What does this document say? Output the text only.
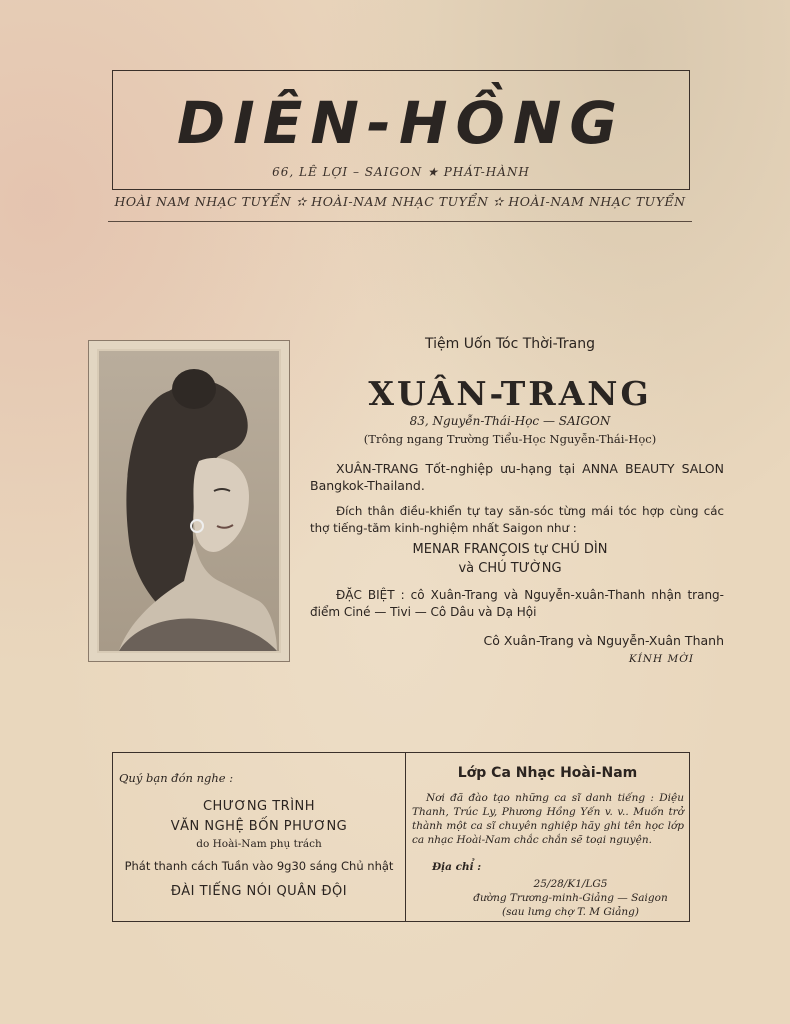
DIÊN-HỒNG
66, LÊ LỢI – SAIGON ★ PHÁT-HÀNH
HOÀI NAM NHẠC TUYỂN ✫ HOÀI-NAM NHẠC TUYỂN ✫ HOÀI-NAM NHẠC TUYỂN
Tiệm Uốn Tóc Thời-Trang
XUÂN-TRANG
83, Nguyễn-Thái-Học — SAIGON
(Trông ngang Trường Tiểu-Học Nguyễn-Thái-Học)
XUÂN-TRANG Tốt-nghiệp ưu-hạng tại ANNA BEAUTY SALON Bangkok-Thailand.
Đích thân điều-khiển tự tay săn-sóc từng mái tóc hợp cùng các thợ tiếng-tăm kinh-nghiệm nhất Saigon như :
MENAR FRANÇOIS tự CHÚ DÌN
và CHÚ TƯỜNG
ĐẶC BIỆT : cô Xuân-Trang và Nguyễn-xuân-Thanh nhận trang-điểm Ciné — Tivi — Cô Dâu và Dạ Hội
Cô Xuân-Trang và Nguyễn-Xuân Thanh
KÍNH MỜI
Quý bạn đón nghe :
CHƯƠNG TRÌNH
VĂN NGHỆ BỐN PHƯƠNG
do Hoài-Nam phụ trách
Phát thanh cách Tuần vào 9g30 sáng Chủ nhật
ĐÀI TIẾNG NÓI QUÂN ĐỘI
Lớp Ca Nhạc Hoài-Nam
Nơi đã đào tạo những ca sĩ danh tiếng : Diệu Thanh, Trúc Ly, Phương Hồng Yến v. v.. Muốn trở thành một ca sĩ chuyên nghiệp hãy ghi tên học lớp ca nhạc Hoài-Nam chắc chắn sẽ toại nguyện.
Địa chỉ :
25/28/K1/LG5
đường Trương-minh-Giảng — Saigon
(sau lưng chợ T. M Giảng)
